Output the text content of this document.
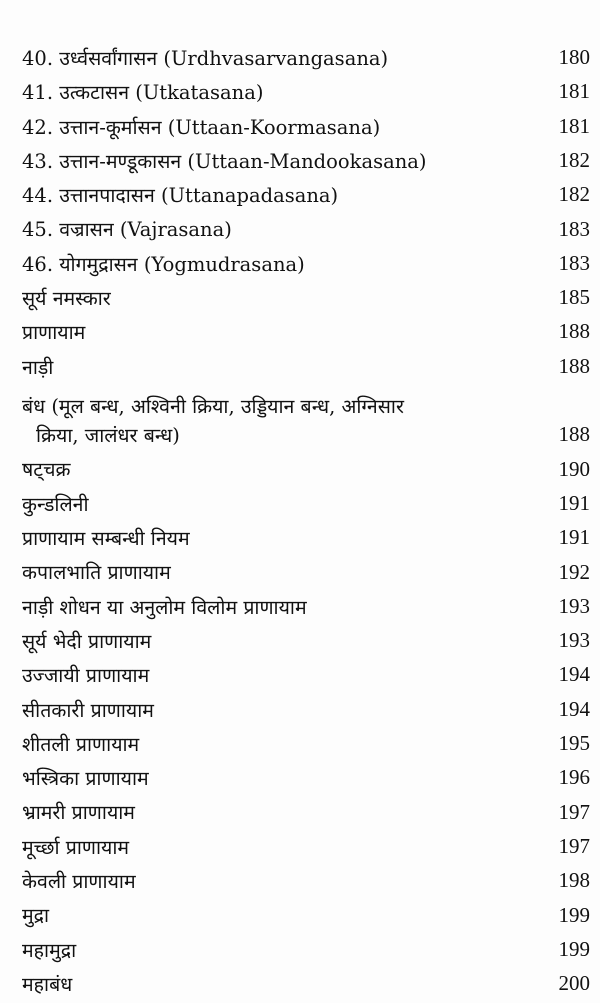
40. उर्ध्वसर्वांगासन (Urdhvasarvangasana)	180
41. उत्कटासन (Utkatasana)	181
42. उत्तान-कूर्मासन (Uttaan-Koormasana)	181
43. उत्तान-मण्डूकासन (Uttaan-Mandookasana)	182
44. उत्तानपादासन (Uttanapadasana)	182
45. वज्रासन (Vajrasana)	183
46. योगमुद्रासन (Yogmudrasana)	183
सूर्य नमस्कार	185
प्राणायाम	188
नाड़ी	188
बंध (मूल बन्ध, अश्विनी क्रिया, उड्डियान बन्ध, अग्निसार
क्रिया, जालंधर बन्ध)	188
षट्चक्र	190
कुन्डलिनी	191
प्राणायाम सम्बन्धी नियम	191
कपालभाति प्राणायाम	192
नाड़ी शोधन या अनुलोम विलोम प्राणायाम	193
सूर्य भेदी प्राणायाम	193
उज्जायी प्राणायाम	194
सीतकारी प्राणायाम	194
शीतली प्राणायाम	195
भस्त्रिका प्राणायाम	196
भ्रामरी प्राणायाम	197
मूर्च्छा प्राणायाम	197
केवली प्राणायाम	198
मुद्रा	199
महामुद्रा	199
महाबंध	200
